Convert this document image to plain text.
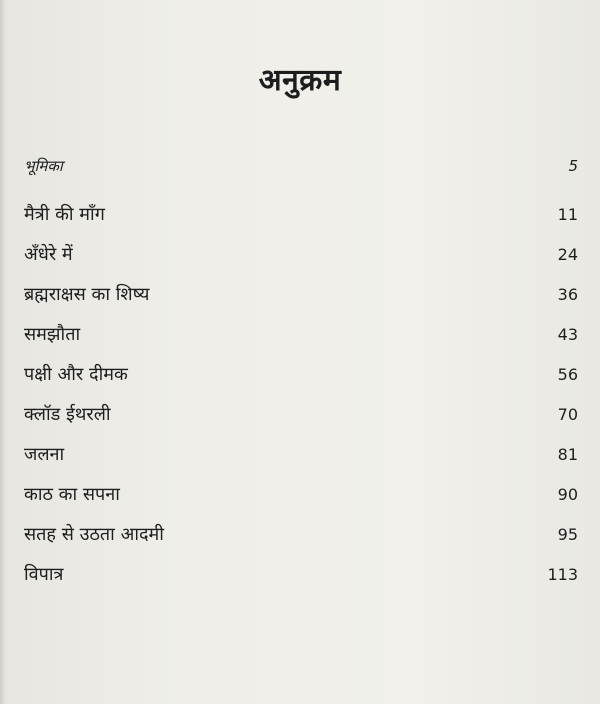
अनुक्रम
भूमिका	5
मैत्री की माँग	11
अँधेरे में	24
ब्रह्मराक्षस का शिष्य	36
समझौता	43
पक्षी और दीमक	56
क्लॉड ईथरली	70
जलना	81
काठ का सपना	90
सतह से उठता आदमी	95
विपात्र	113
